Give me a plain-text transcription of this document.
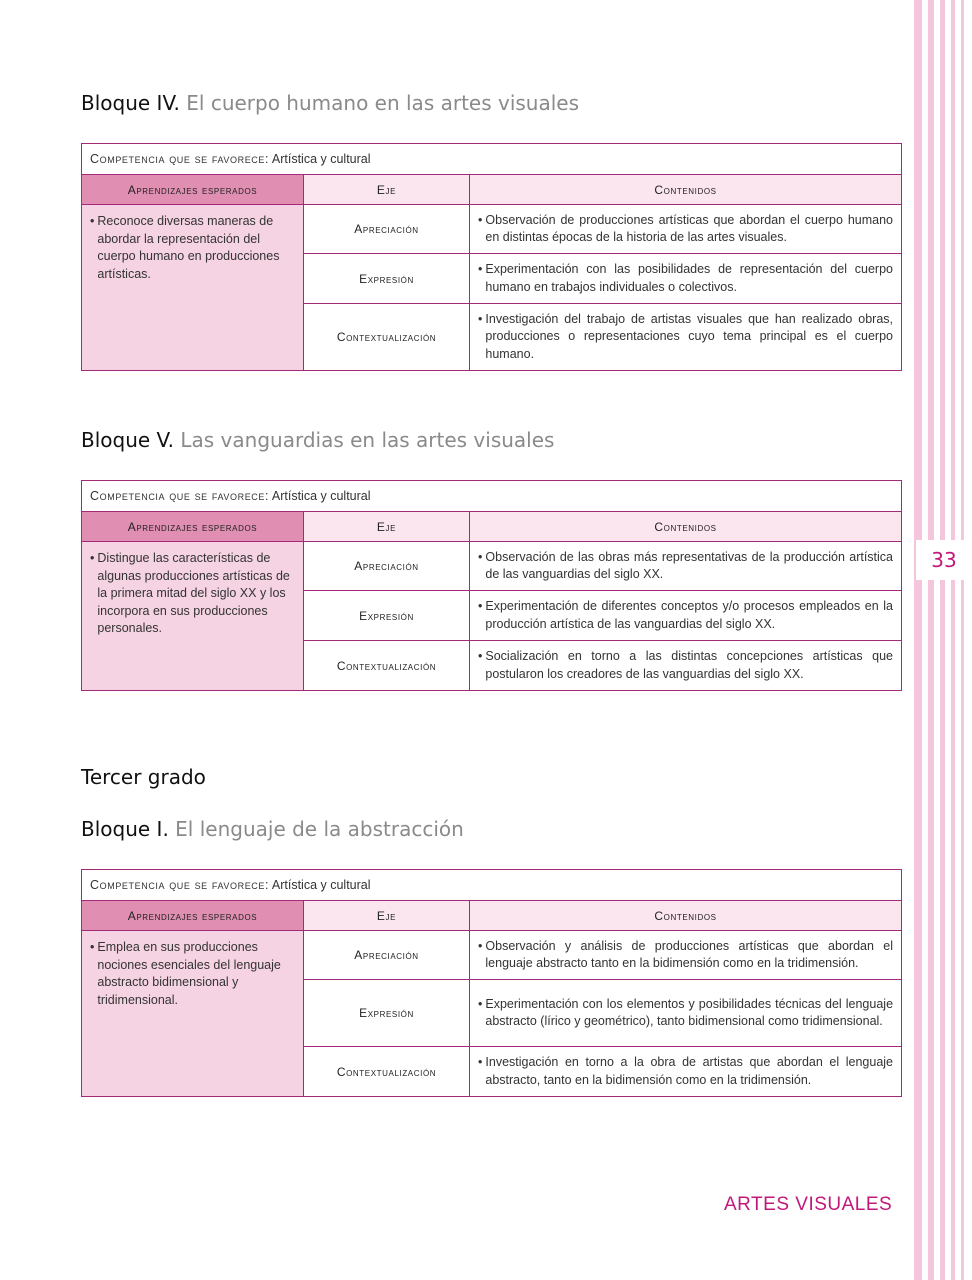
33
Bloque IV. El cuerpo humano en las artes visuales
Competencia que se favorece: Artística y cultural		
Aprendizajes esperados	Eje	Contenidos

• Reconoce diversas maneras de abordar la representación del cuerpo humano en producciones artísticas.	Apreciación	• Observación de producciones artísticas que abordan el cuerpo humano en distintas épocas de la historia de las artes visuales.

	Expresión	• Experimentación con las posibilidades de representación del cuerpo humano en trabajos individuales o colectivos.

	Contextualización	• Investigación del trabajo de artistas visuales que han realizado obras, producciones o representaciones cuyo tema principal es el cuerpo humano.
Bloque V. Las vanguardias en las artes visuales
Competencia que se favorece: Artística y cultural		
Aprendizajes esperados	Eje	Contenidos

• Distingue las características de algunas producciones artísticas de la primera mitad del siglo XX y los incorpora en sus producciones personales.	Apreciación	• Observación de las obras más representativas de la producción artística de las vanguardias del siglo XX.

	Expresión	• Experimentación de diferentes conceptos y/o procesos empleados en la producción artística de las vanguardias del siglo XX.

	Contextualización	• Socialización en torno a las distintas concepciones artísticas que postularon los creadores de las vanguardias del siglo XX.
Tercer grado
Bloque I. El lenguaje de la abstracción
Competencia que se favorece: Artística y cultural		
Aprendizajes esperados	Eje	Contenidos

• Emplea en sus producciones nociones esenciales del lenguaje abstracto bidimensional y tridimensional.	Apreciación	• Observación y análisis de producciones artísticas que abordan el lenguaje abstracto tanto en la bidimensión como en la tridimensión.

	Expresión	• Experimentación con los elementos y posibilidades técnicas del lenguaje abstracto (lírico y geométrico), tanto bidimensional como tridimensional.

	Contextualización	• Investigación en torno a la obra de artistas que abordan el lenguaje abstracto, tanto en la bidimensión como en la tridimensión.
ARTES VISUALES
